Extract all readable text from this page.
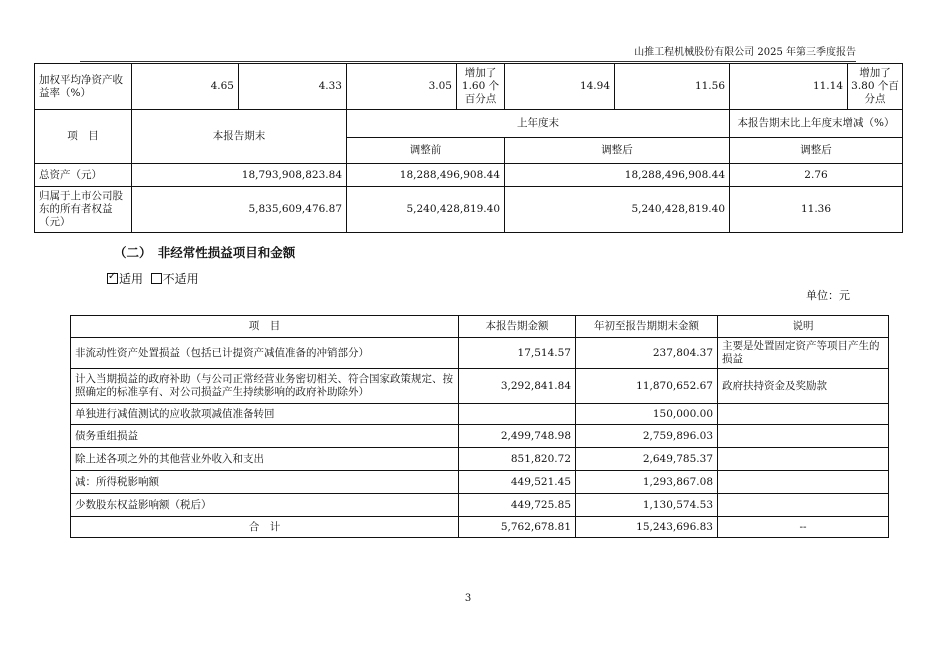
山推工程机械股份有限公司 2025 年第三季度报告
加权平均净资产收益率（%）	4.65	4.33	3.05	增加了1.60 个百分点	14.94	11.56	11.14	增加了3.80 个百分点
项　目	本报告期末		上年度末				本报告期末比上年度末增减（%）	
			调整前		调整后		调整后	
总资产（元）	18,793,908,823.84		18,288,496,908.44		18,288,496,908.44		2.76	
归属于上市公司股东的所有者权益（元）	5,835,609,476.87		5,240,428,819.40		5,240,428,819.40		11.36	
（二）　非经常性损益项目和金额
✓适用 不适用
单位：元
项　目	本报告期金额	年初至报告期期末金额	说明
非流动性资产处置损益（包括已计提资产减值准备的冲销部分）	17,514.57	237,804.37	主要是处置固定资产等项目产生的损益
计入当期损益的政府补助（与公司正常经营业务密切相关、符合国家政策规定、按照确定的标准享有、对公司损益产生持续影响的政府补助除外）	3,292,841.84	11,870,652.67	政府扶持资金及奖励款
单独进行减值测试的应收款项减值准备转回		150,000.00	
债务重组损益	2,499,748.98	2,759,896.03	
除上述各项之外的其他营业外收入和支出	851,820.72	2,649,785.37	
减：所得税影响额	449,521.45	1,293,867.08	
少数股东权益影响额（税后）	449,725.85	1,130,574.53	
合　计	5,762,678.81	15,243,696.83	--
3
